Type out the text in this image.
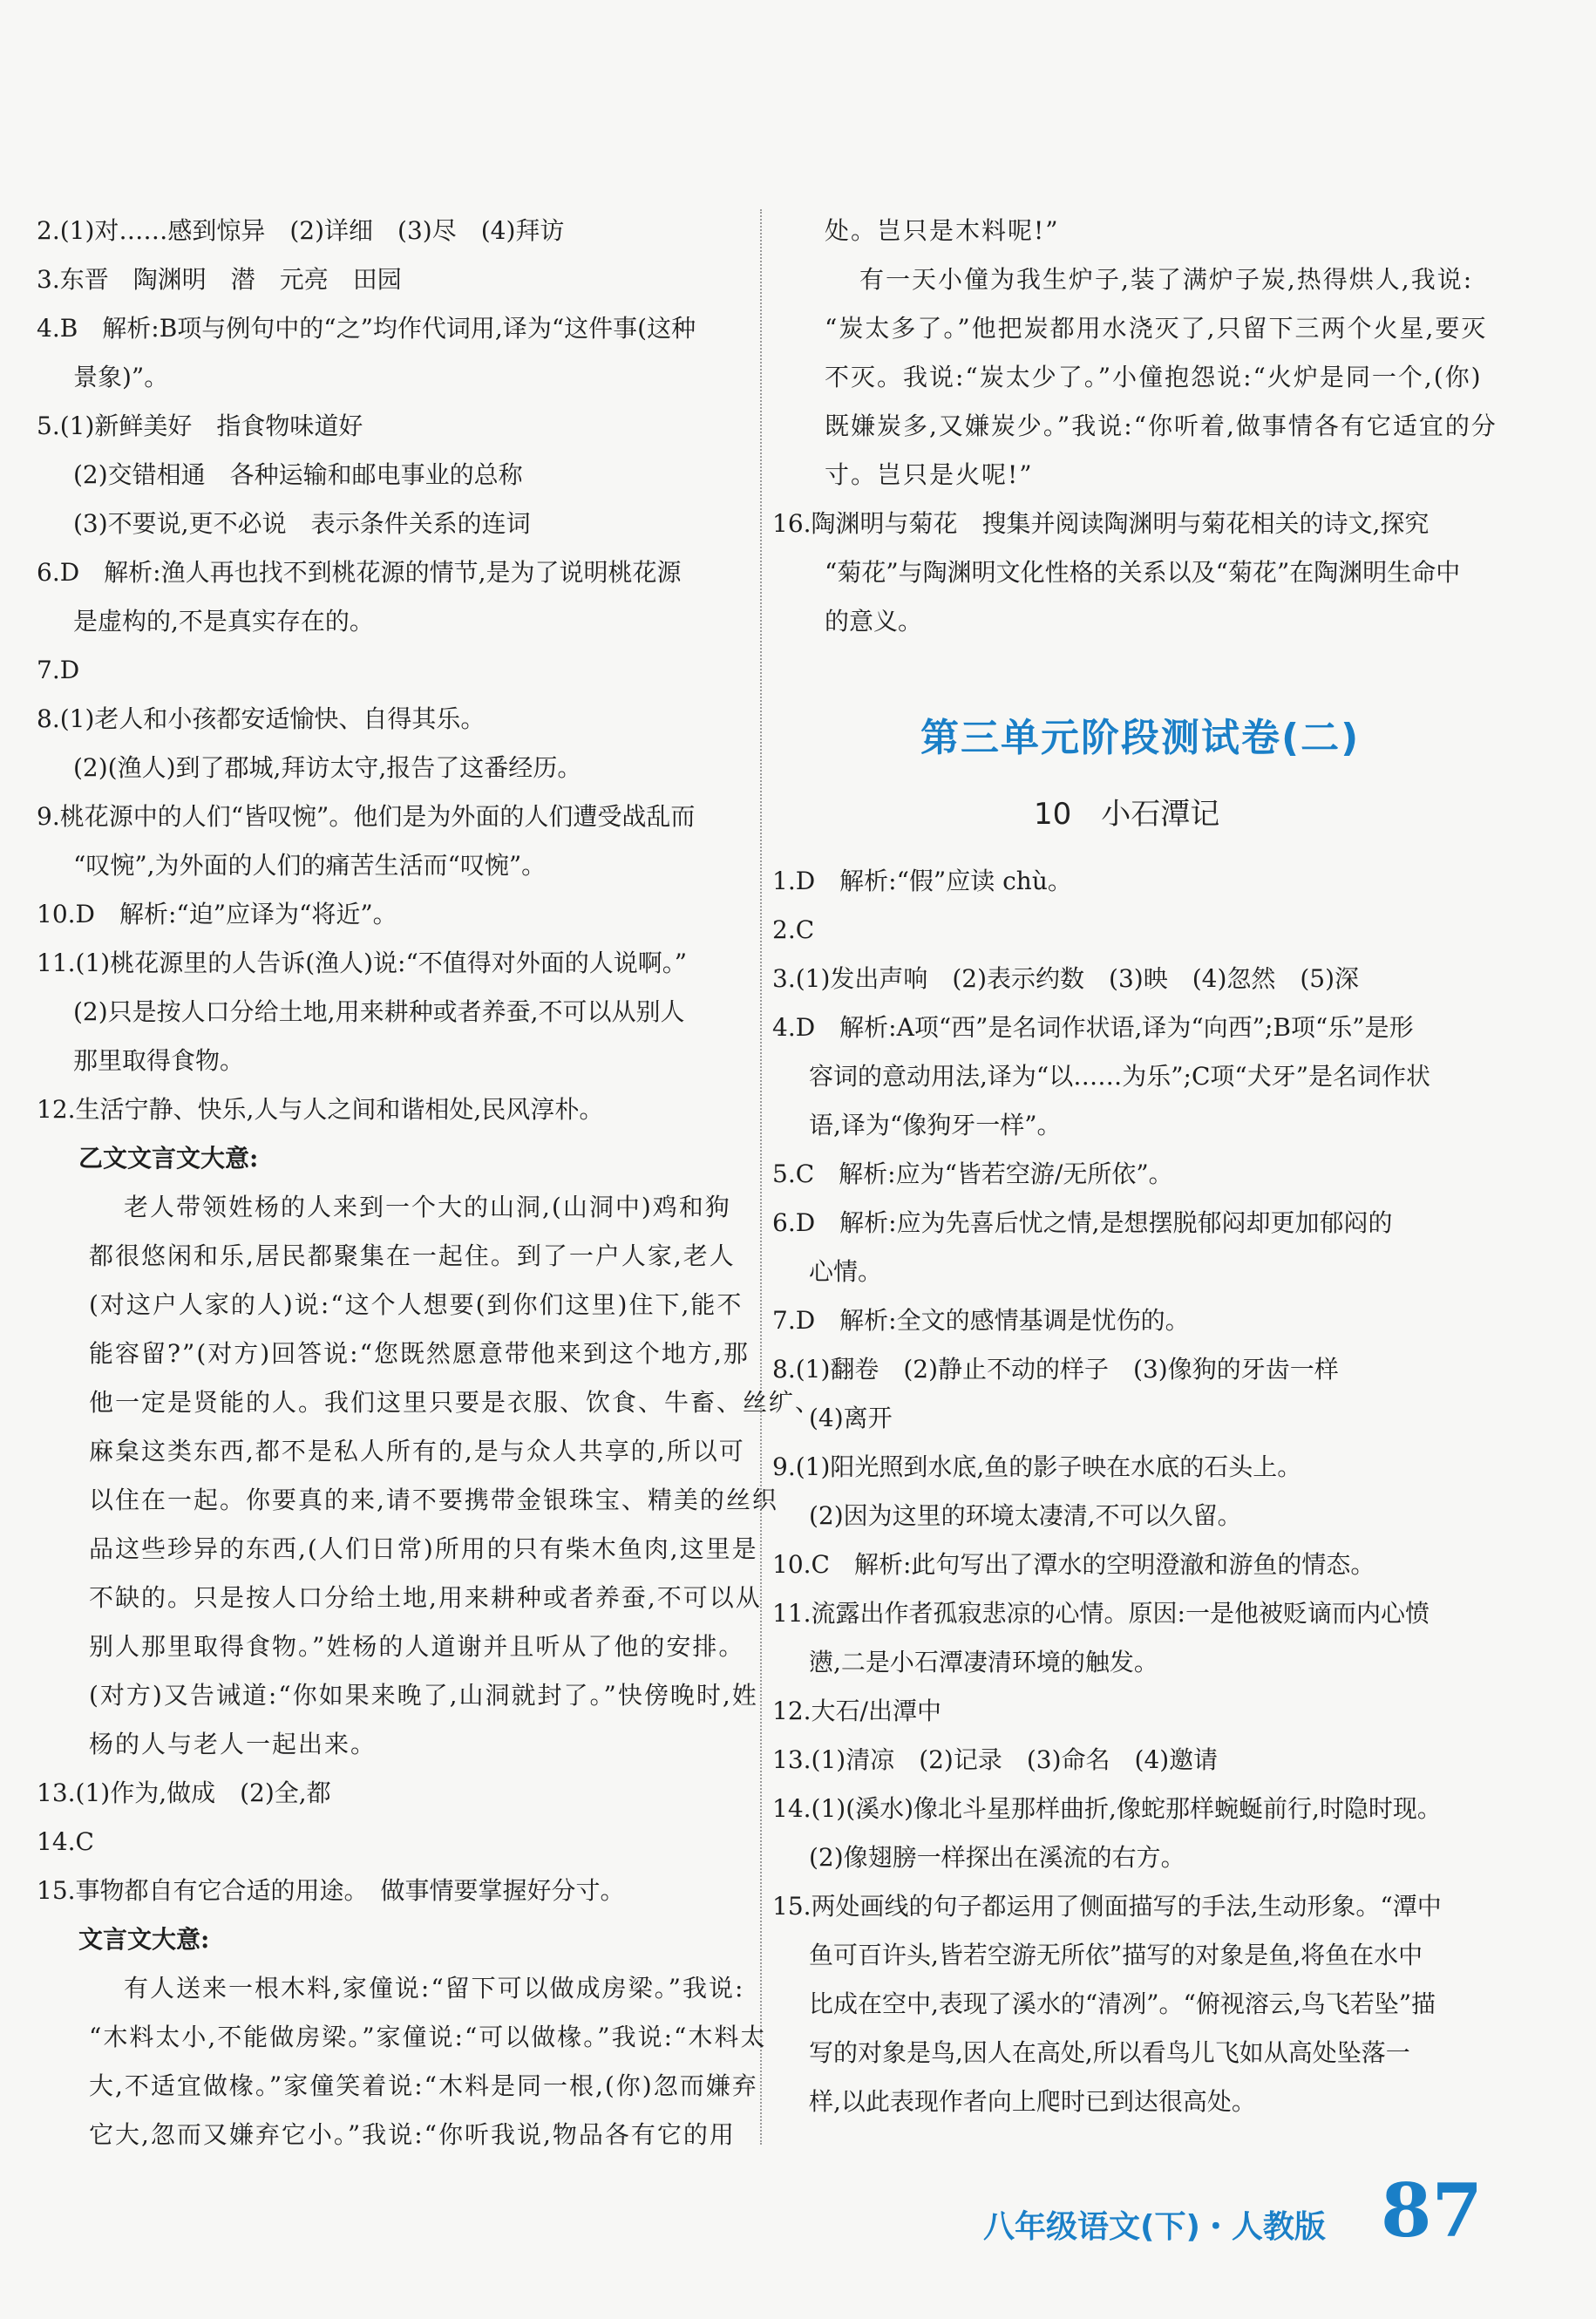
2.(1)对……感到惊异　(2)详细　(3)尽　(4)拜访
3.东晋　陶渊明　潜　元亮　田园
4.B　解析:B项与例句中的“之”均作代词用,译为“这件事(这种
景象)”。
5.(1)新鲜美好　指食物味道好
(2)交错相通　各种运输和邮电事业的总称
(3)不要说,更不必说　表示条件关系的连词
6.D　解析:渔人再也找不到桃花源的情节,是为了说明桃花源
是虚构的,不是真实存在的。
7.D
8.(1)老人和小孩都安适愉快、自得其乐。
(2)(渔人)到了郡城,拜访太守,报告了这番经历。
9.桃花源中的人们“皆叹惋”。他们是为外面的人们遭受战乱而
“叹惋”,为外面的人们的痛苦生活而“叹惋”。
10.D　解析:“迫”应译为“将近”。
11.(1)桃花源里的人告诉(渔人)说:“不值得对外面的人说啊。”
(2)只是按人口分给土地,用来耕种或者养蚕,不可以从别人
那里取得食物。
12.生活宁静、快乐,人与人之间和谐相处,民风淳朴。
乙文文言文大意:
老人带领姓杨的人来到一个大的山洞,(山洞中)鸡和狗
都很悠闲和乐,居民都聚集在一起住。到了一户人家,老人
(对这户人家的人)说:“这个人想要(到你们这里)住下,能不
能容留?”(对方)回答说:“您既然愿意带他来到这个地方,那
他一定是贤能的人。我们这里只要是衣服、饮食、牛畜、丝纩、
麻枲这类东西,都不是私人所有的,是与众人共享的,所以可
以住在一起。你要真的来,请不要携带金银珠宝、精美的丝织
品这些珍异的东西,(人们日常)所用的只有柴木鱼肉,这里是
不缺的。只是按人口分给土地,用来耕种或者养蚕,不可以从
别人那里取得食物。”姓杨的人道谢并且听从了他的安排。
(对方)又告诫道:“你如果来晚了,山洞就封了。”快傍晚时,姓
杨的人与老人一起出来。
13.(1)作为,做成　(2)全,都
14.C
15.事物都自有它合适的用途。　做事情要掌握好分寸。
文言文大意:
有人送来一根木料,家僮说:“留下可以做成房梁。”我说:
“木料太小,不能做房梁。”家僮说:“可以做椽。”我说:“木料太
大,不适宜做椽。”家僮笑着说:“木料是同一根,(你)忽而嫌弃
它大,忽而又嫌弃它小。”我说:“你听我说,物品各有它的用
处。岂只是木料呢!”
有一天小僮为我生炉子,装了满炉子炭,热得烘人,我说:
“炭太多了。”他把炭都用水浇灭了,只留下三两个火星,要灭
不灭。我说:“炭太少了。”小僮抱怨说:“火炉是同一个,(你)
既嫌炭多,又嫌炭少。”我说:“你听着,做事情各有它适宜的分
寸。岂只是火呢!”
16.陶渊明与菊花　搜集并阅读陶渊明与菊花相关的诗文,探究
“菊花”与陶渊明文化性格的关系以及“菊花”在陶渊明生命中
的意义。
第三单元阶段测试卷(二)
10　小石潭记
1.D　解析:“假”应读 chù。
2.C
3.(1)发出声响　(2)表示约数　(3)映　(4)忽然　(5)深
4.D　解析:A项“西”是名词作状语,译为“向西”;B项“乐”是形
容词的意动用法,译为“以……为乐”;C项“犬牙”是名词作状
语,译为“像狗牙一样”。
5.C　解析:应为“皆若空游/无所依”。
6.D　解析:应为先喜后忧之情,是想摆脱郁闷却更加郁闷的
心情。
7.D　解析:全文的感情基调是忧伤的。
8.(1)翻卷　(2)静止不动的样子　(3)像狗的牙齿一样
(4)离开
9.(1)阳光照到水底,鱼的影子映在水底的石头上。
(2)因为这里的环境太凄清,不可以久留。
10.C　解析:此句写出了潭水的空明澄澈和游鱼的情态。
11.流露出作者孤寂悲凉的心情。原因:一是他被贬谪而内心愤
懑,二是小石潭凄清环境的触发。
12.大石/出潭中
13.(1)清凉　(2)记录　(3)命名　(4)邀请
14.(1)(溪水)像北斗星那样曲折,像蛇那样蜿蜒前行,时隐时现。
(2)像翅膀一样探出在溪流的右方。
15.两处画线的句子都运用了侧面描写的手法,生动形象。“潭中
鱼可百许头,皆若空游无所依”描写的对象是鱼,将鱼在水中
比成在空中,表现了溪水的“清冽”。“俯视溶云,鸟飞若坠”描
写的对象是鸟,因人在高处,所以看鸟儿飞如从高处坠落一
样,以此表现作者向上爬时已到达很高处。
八年级语文(下)・人教版 87
